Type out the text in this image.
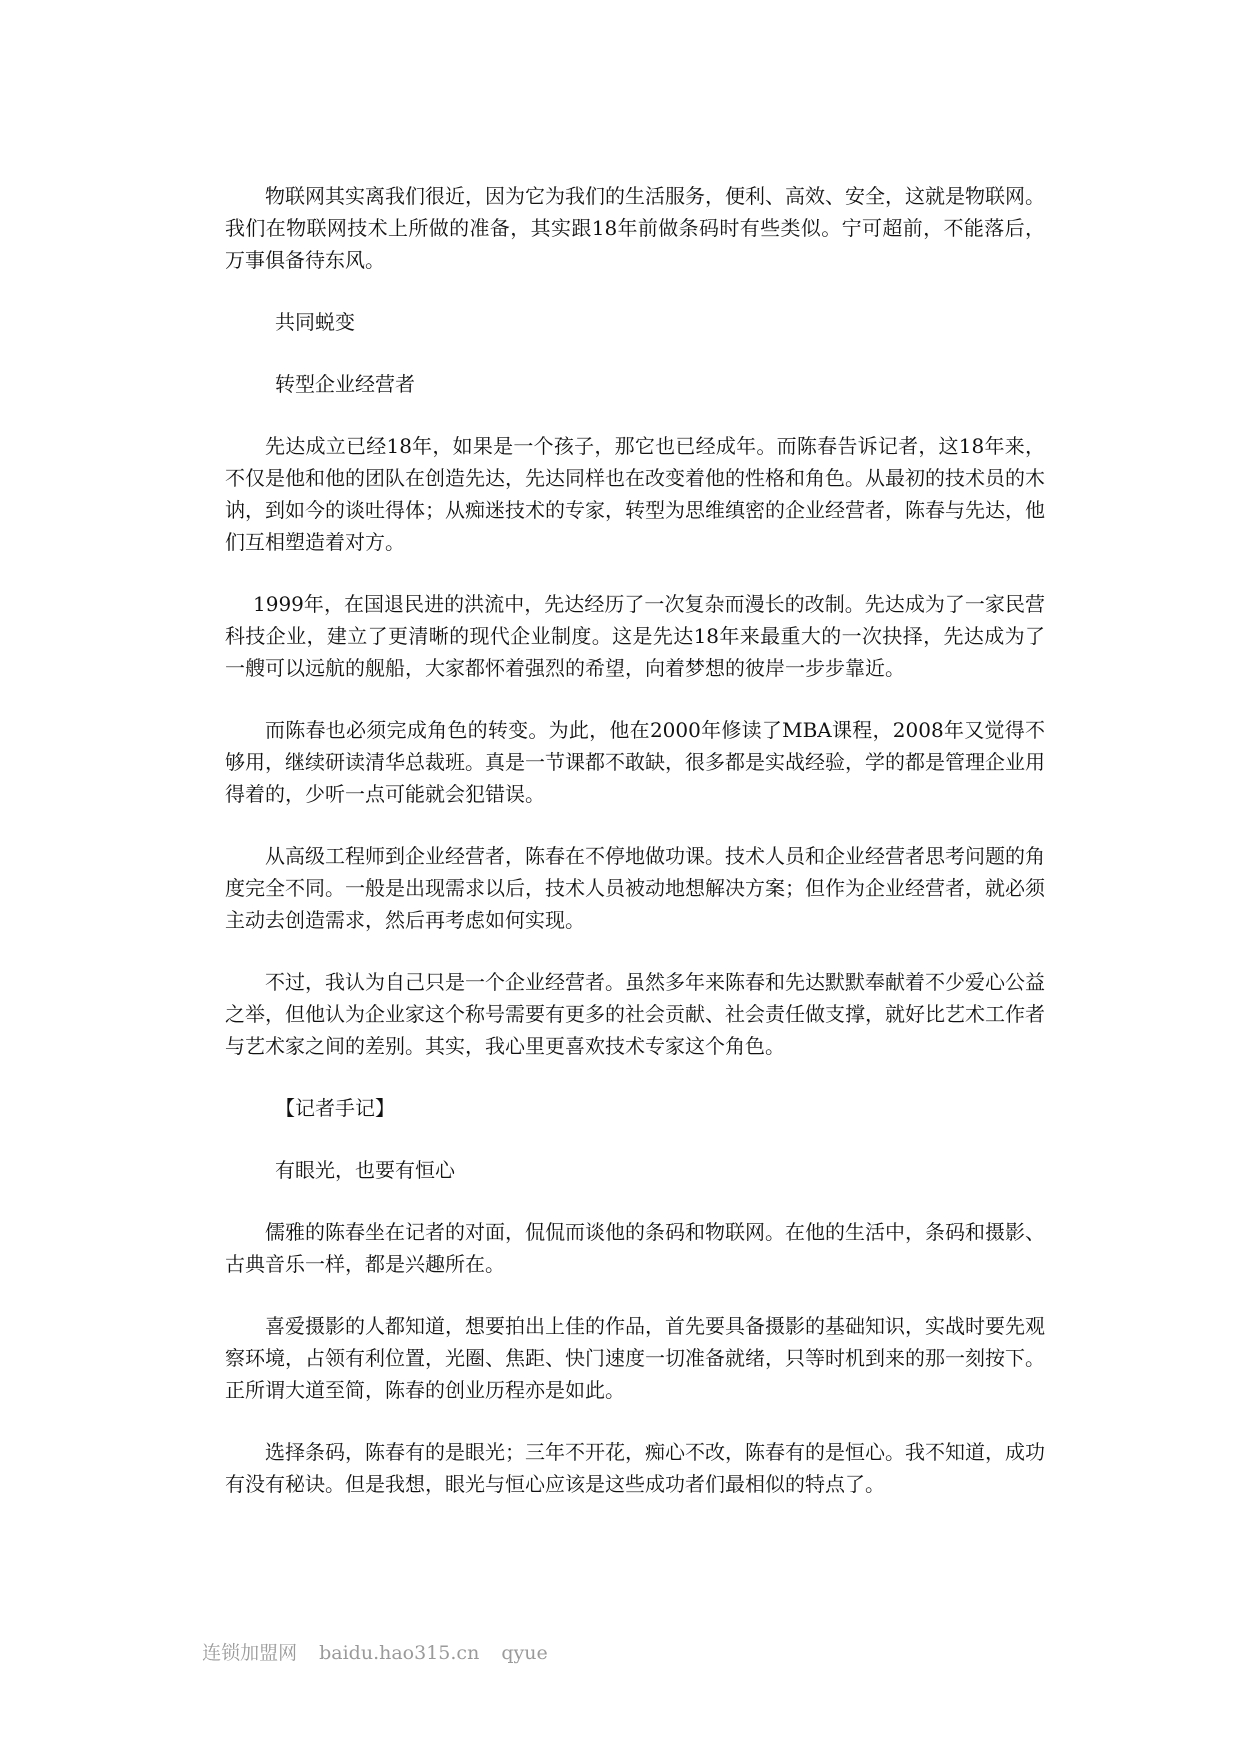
物联网其实离我们很近，因为它为我们的生活服务，便利、高效、安全，这就是物联网。我们在物联网技术上所做的准备，其实跟18年前做条码时有些类似。宁可超前，不能落后，万事俱备待东风。

共同蜕变

转型企业经营者

先达成立已经18年，如果是一个孩子，那它也已经成年。而陈春告诉记者，这18年来，不仅是他和他的团队在创造先达，先达同样也在改变着他的性格和角色。从最初的技术员的木讷，到如今的谈吐得体；从痴迷技术的专家，转型为思维缜密的企业经营者，陈春与先达，他们互相塑造着对方。

1999年，在国退民进的洪流中，先达经历了一次复杂而漫长的改制。先达成为了一家民营科技企业，建立了更清晰的现代企业制度。这是先达18年来最重大的一次抉择，先达成为了一艘可以远航的舰船，大家都怀着强烈的希望，向着梦想的彼岸一步步靠近。

而陈春也必须完成角色的转变。为此，他在2000年修读了MBA课程，2008年又觉得不够用，继续研读清华总裁班。真是一节课都不敢缺，很多都是实战经验，学的都是管理企业用得着的，少听一点可能就会犯错误。

从高级工程师到企业经营者，陈春在不停地做功课。技术人员和企业经营者思考问题的角度完全不同。一般是出现需求以后，技术人员被动地想解决方案；但作为企业经营者，就必须主动去创造需求，然后再考虑如何实现。

不过，我认为自己只是一个企业经营者。虽然多年来陈春和先达默默奉献着不少爱心公益之举，但他认为企业家这个称号需要有更多的社会贡献、社会责任做支撑，就好比艺术工作者与艺术家之间的差别。其实，我心里更喜欢技术专家这个角色。

【记者手记】

有眼光，也要有恒心

儒雅的陈春坐在记者的对面，侃侃而谈他的条码和物联网。在他的生活中，条码和摄影、古典音乐一样，都是兴趣所在。

喜爱摄影的人都知道，想要拍出上佳的作品，首先要具备摄影的基础知识，实战时要先观察环境，占领有利位置，光圈、焦距、快门速度一切准备就绪，只等时机到来的那一刻按下。正所谓大道至简，陈春的创业历程亦是如此。

选择条码，陈春有的是眼光；三年不开花，痴心不改，陈春有的是恒心。我不知道，成功有没有秘诀。但是我想，眼光与恒心应该是这些成功者们最相似的特点了。

连锁加盟网 baidu.hao315.cn qyue
